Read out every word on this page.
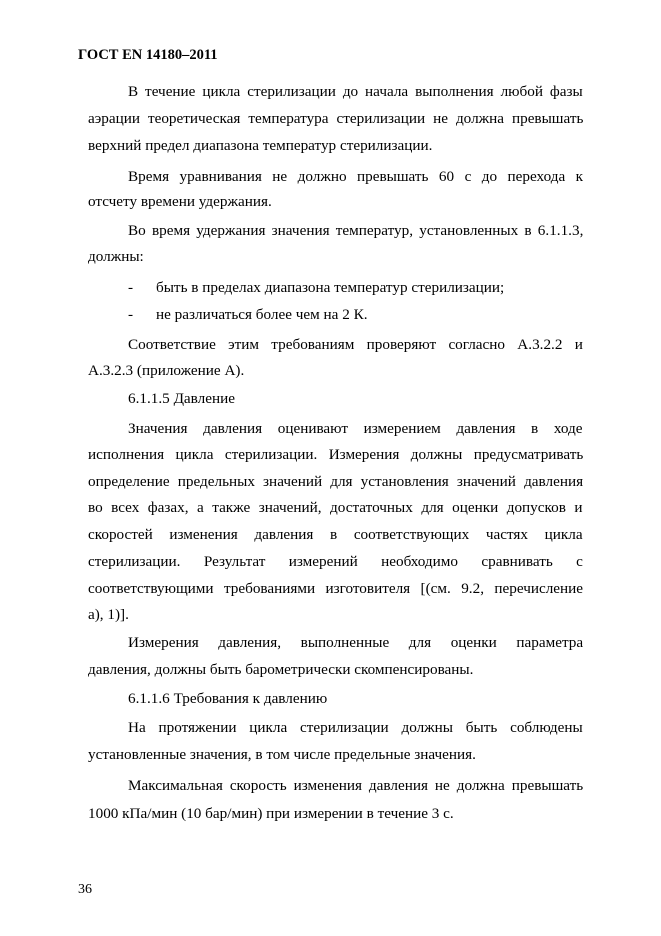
ГОСТ EN 14180–2011
В течение цикла стерилизации до начала выполнения любой фазы
аэрации теоретическая температура стерилизации не должна превышать
верхний предел диапазона температур стерилизации.
Время уравнивания не должно превышать 60 с до перехода к
отсчету времени удержания.
Во время удержания значения температур, установленных в 6.1.1.3,
должны:
- быть в пределах диапазона температур стерилизации;
- не различаться более чем на 2 К.
Соответствие этим требованиям проверяют согласно А.3.2.2 и
А.3.2.3 (приложение А).
6.1.1.5 Давление
Значения давления оценивают измерением давления в ходе
исполнения цикла стерилизации. Измерения должны предусматривать
определение предельных значений для установления значений давления
во всех фазах, а также значений, достаточных для оценки допусков и
скоростей изменения давления в соответствующих частях цикла
стерилизации. Результат измерений необходимо сравнивать с
соответствующими требованиями изготовителя [(см. 9.2, перечисление
a), 1)].
Измерения давления, выполненные для оценки параметра
давления, должны быть барометрически скомпенсированы.
6.1.1.6 Требования к давлению
На протяжении цикла стерилизации должны быть соблюдены
установленные значения, в том числе предельные значения.
Максимальная скорость изменения давления не должна превышать
1000 кПа/мин (10 бар/мин) при измерении в течение 3 с.
36
